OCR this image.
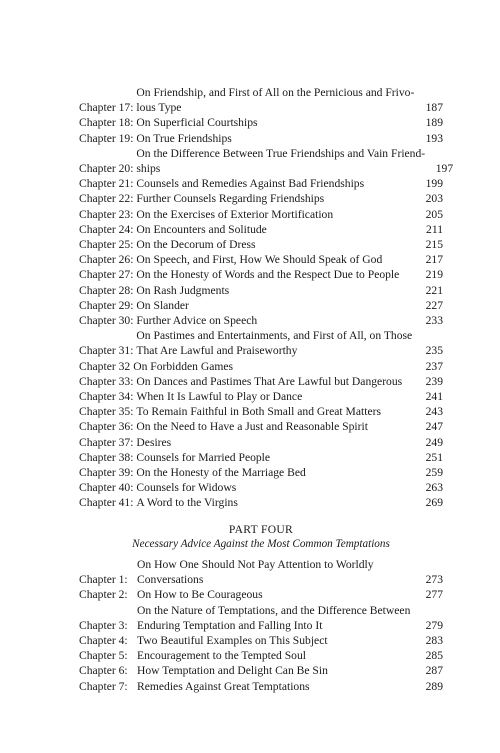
Chapter 17:
On Friendship, and First of All on the Pernicious and Frivo-
lous Type	187
Chapter 18: On Superficial Courtships	189
Chapter 19: On True Friendships	193
Chapter 20:
On the Difference Between True Friendships and Vain Friend-
ships	197
Chapter 21: Counsels and Remedies Against Bad Friendships	199
Chapter 22: Further Counsels Regarding Friendships	203
Chapter 23: On the Exercises of Exterior Mortification	205
Chapter 24: On Encounters and Solitude	211
Chapter 25: On the Decorum of Dress	215
Chapter 26: On Speech, and First, How We Should Speak of God	217
Chapter 27: On the Honesty of Words and the Respect Due to People	219
Chapter 28: On Rash Judgments	221
Chapter 29: On Slander	227
Chapter 30: Further Advice on Speech	233
Chapter 31:
On Pastimes and Entertainments, and First of All, on Those
That Are Lawful and Praiseworthy	235
Chapter 32 On Forbidden Games	237
Chapter 33: On Dances and Pastimes That Are Lawful but Dangerous	239
Chapter 34: When It Is Lawful to Play or Dance	241
Chapter 35: To Remain Faithful in Both Small and Great Matters	243
Chapter 36: On the Need to Have a Just and Reasonable Spirit	247
Chapter 37: Desires	249
Chapter 38: Counsels for Married People	251
Chapter 39: On the Honesty of the Marriage Bed	259
Chapter 40: Counsels for Widows	263
Chapter 41: A Word to the Virgins	269
PART FOUR
Necessary Advice Against the Most Common Temptations
Chapter 1:
On How One Should Not Pay Attention to Worldly
Conversations	273
Chapter 2: On How to Be Courageous	277
Chapter 3:
On the Nature of Temptations, and the Difference Between
Enduring Temptation and Falling Into It	279
Chapter 4: Two Beautiful Examples on This Subject	283
Chapter 5: Encouragement to the Tempted Soul	285
Chapter 6: How Temptation and Delight Can Be Sin	287
Chapter 7: Remedies Against Great Temptations	289
